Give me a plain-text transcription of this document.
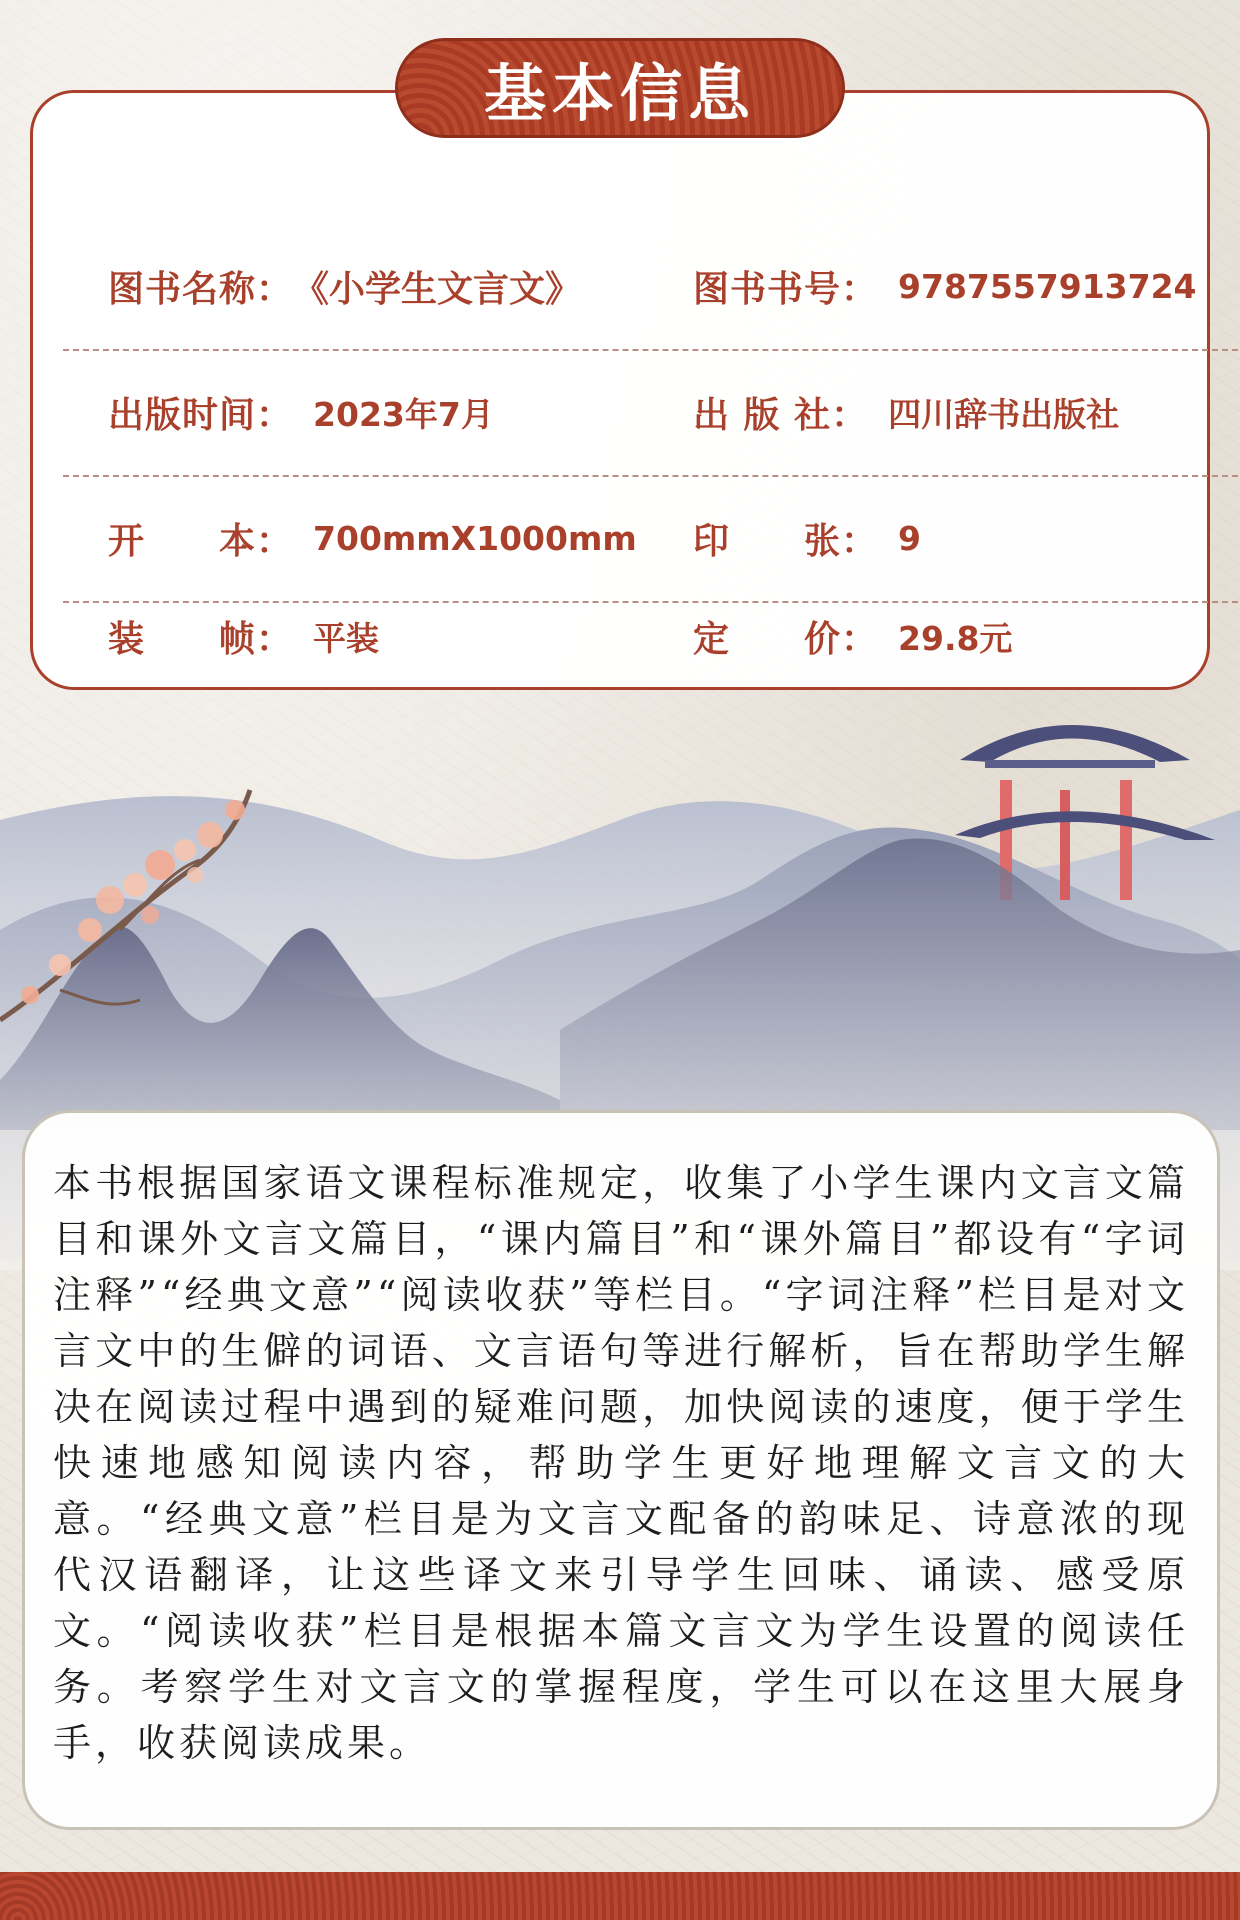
图书名称： 《小学生文言文》	图书书号： 9787557913724
出版时间： 2023年7月	出 版 社： 四川辞书出版社
开　　本： 700mmX1000mm 印　　张： 9
装　　帧： 平装	定　　价： 29.8元
基本信息

本书根据国家语文课程标准规定，收集了小学生课内文言文篇目和课外文言文篇目，“课内篇目”和“课外篇目”都设有“字词注释”“经典文意”“阅读收获”等栏目。“字词注释”栏目是对文言文中的生僻的词语、文言语句等进行解析，旨在帮助学生解决在阅读过程中遇到的疑难问题，加快阅读的速度，便于学生快速地感知阅读内容，帮助学生更好地理解文言文的大意。“经典文意”栏目是为文言文配备的韵味足、诗意浓的现代汉语翻译，让这些译文来引导学生回味、诵读、感受原文。“阅读收获”栏目是根据本篇文言文为学生设置的阅读任务。考察学生对文言文的掌握程度，学生可以在这里大展身手，收获阅读成果。
